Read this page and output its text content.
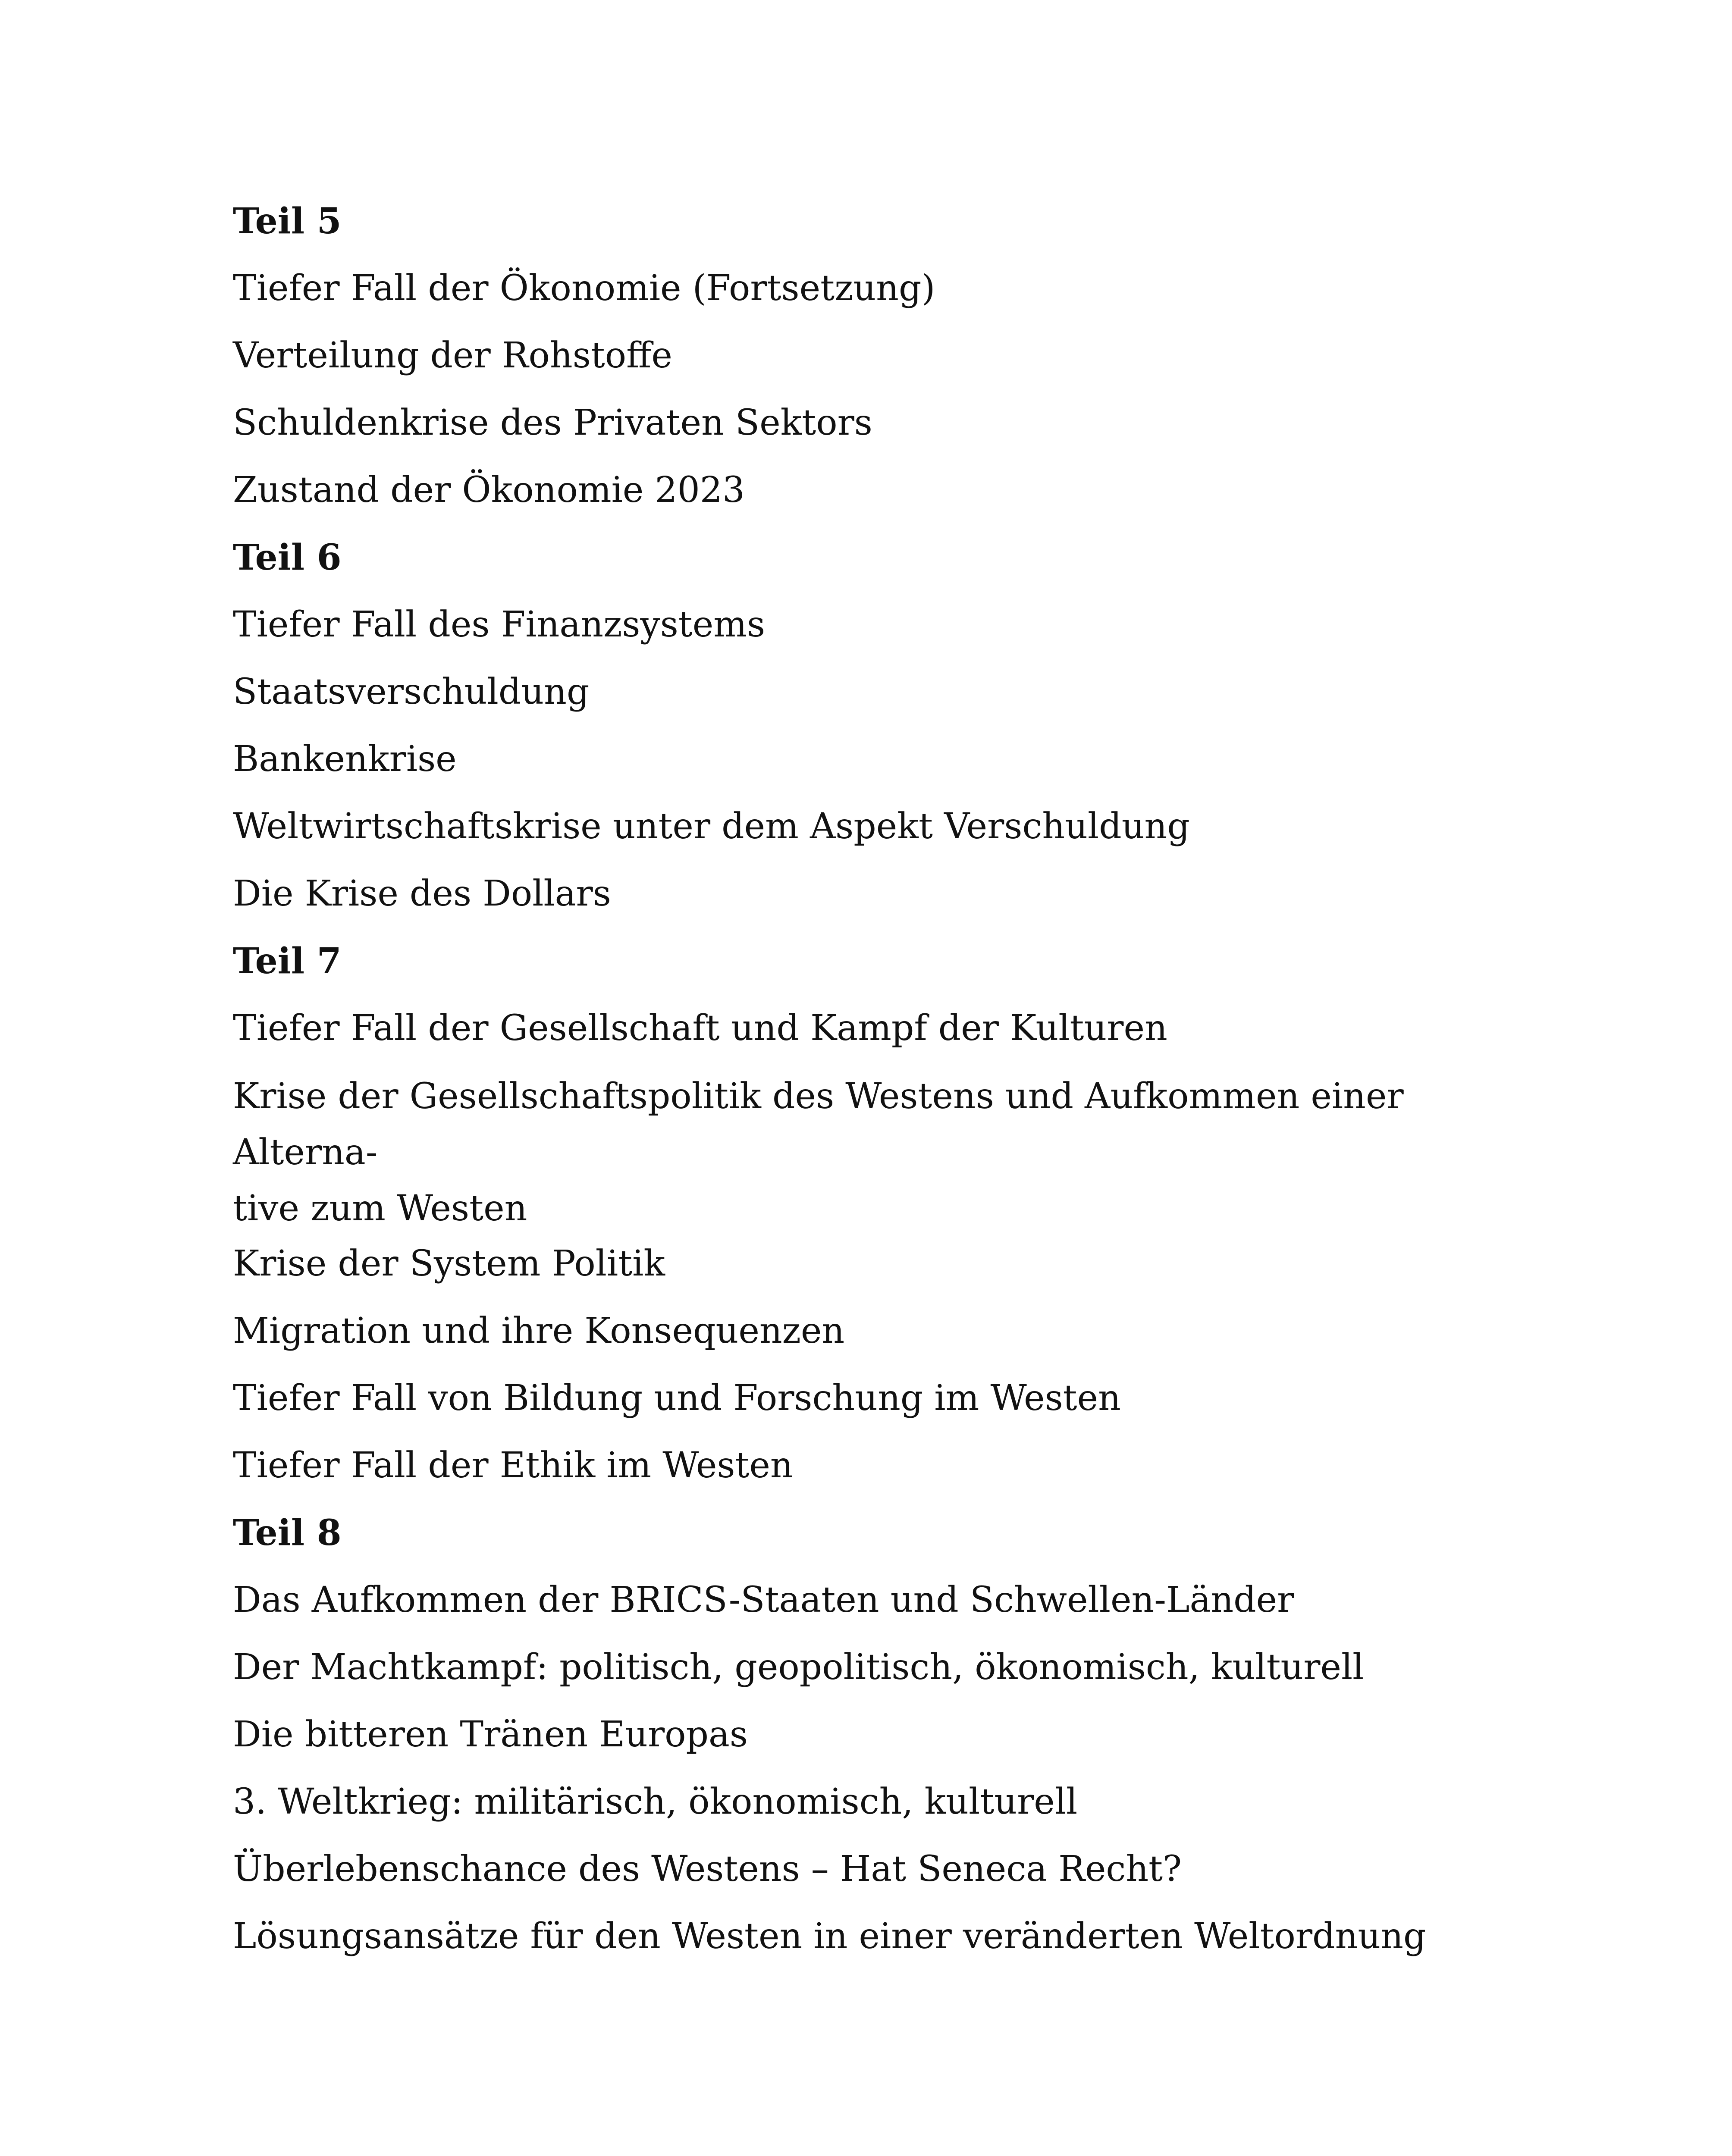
Teil 5
Tiefer Fall der Ökonomie (Fortsetzung)
Verteilung der Rohstoffe
Schuldenkrise des Privaten Sektors
Zustand der Ökonomie 2023
Teil 6
Tiefer Fall des Finanzsystems
Staatsverschuldung
Bankenkrise
Weltwirtschaftskrise unter dem Aspekt Verschuldung
Die Krise des Dollars
Teil 7
Tiefer Fall der Gesellschaft und Kampf der Kulturen
Krise der Gesellschaftspolitik des Westens und Aufkommen einer  Alterna-
tive zum Westen
Krise der System Politik
Migration und ihre Konsequenzen
Tiefer Fall von Bildung und Forschung im Westen
Tiefer Fall der Ethik im Westen
Teil 8
Das Aufkommen der BRICS-Staaten und Schwellen-Länder
Der Machtkampf: politisch, geopolitisch, ökonomisch, kulturell
Die bitteren Tränen Europas
3. Weltkrieg: militärisch, ökonomisch, kulturell
Überlebenschance des Westens – Hat Seneca Recht?
Lösungsansätze für den Westen in einer veränderten Weltordnung
